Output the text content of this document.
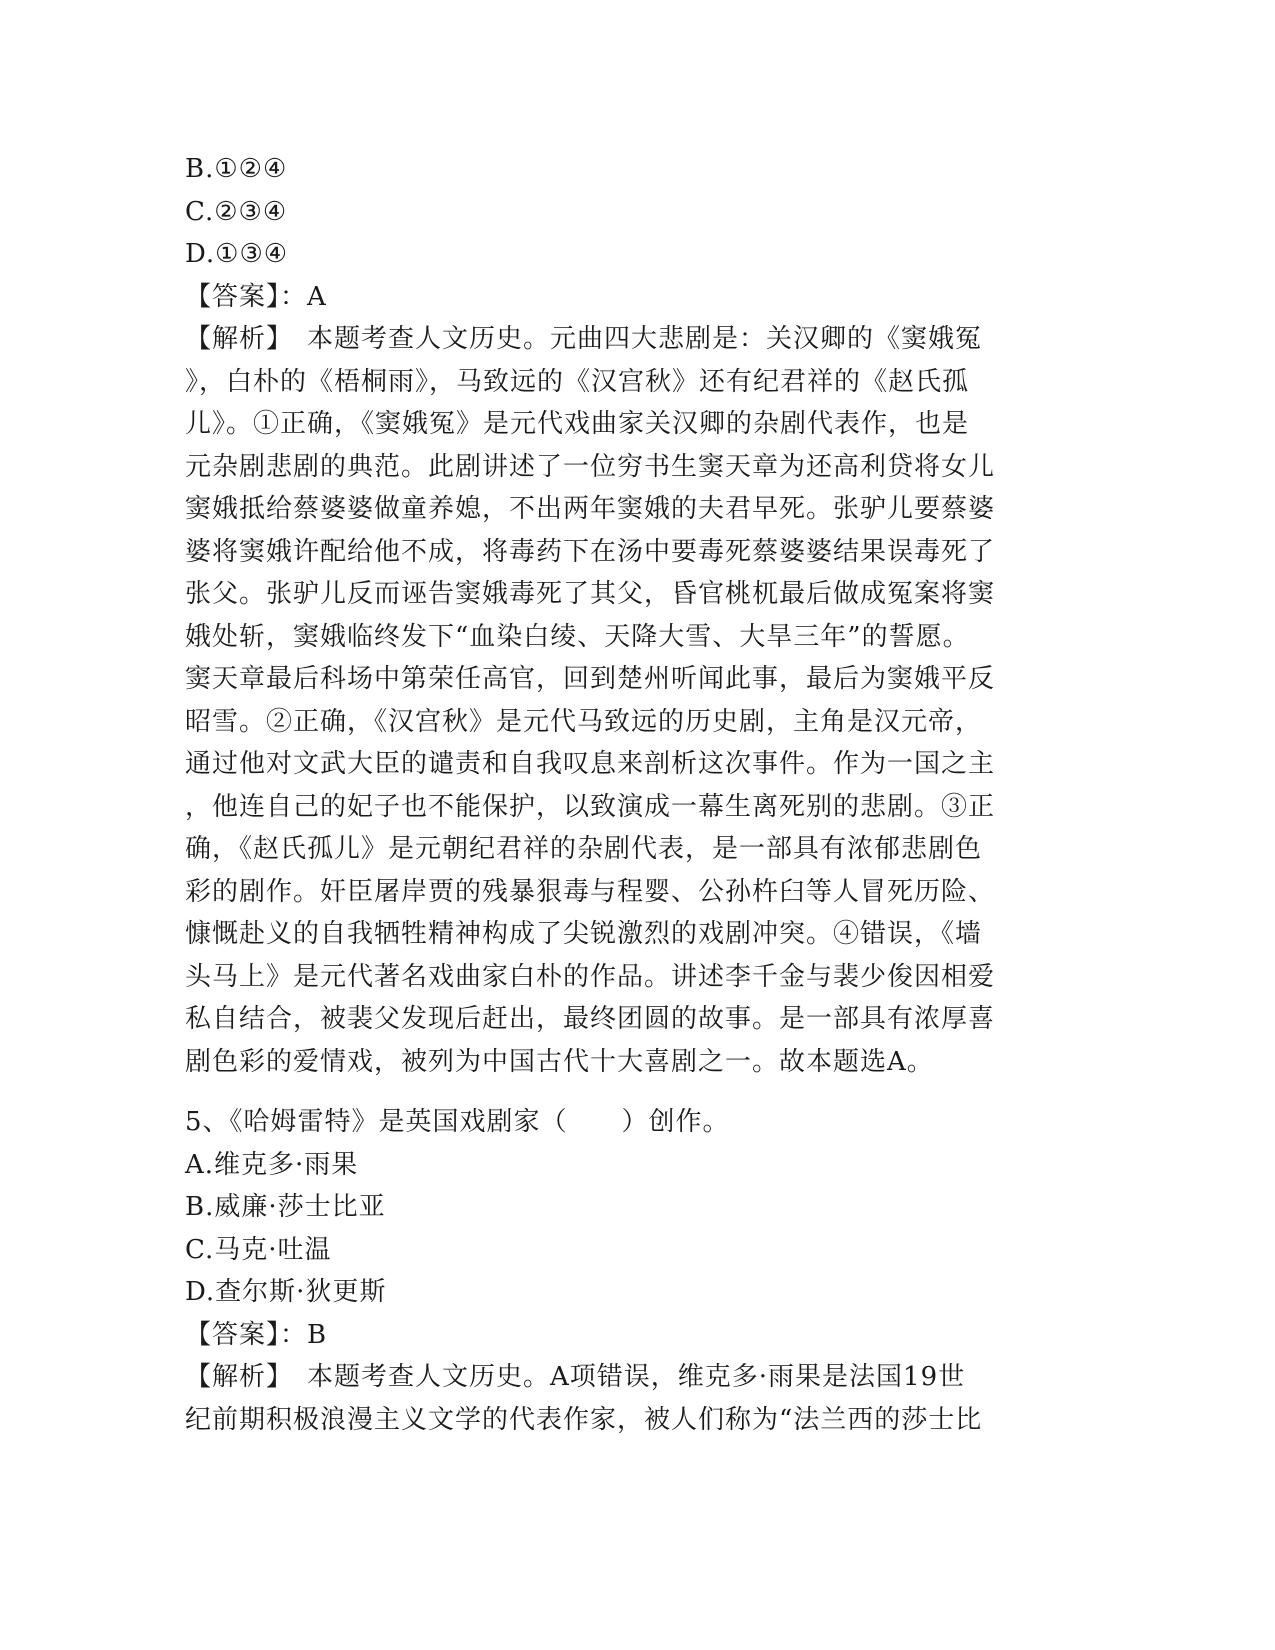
B.①②④
C.②③④
D.①③④
【答案】：A
【解析】　本题考查人文历史。元曲四大悲剧是：关汉卿的《窦娥冤
》，白朴的《梧桐雨》，马致远的《汉宫秋》还有纪君祥的《赵氏孤
儿》。①正确，《窦娥冤》是元代戏曲家关汉卿的杂剧代表作，也是
元杂剧悲剧的典范。此剧讲述了一位穷书生窦天章为还高利贷将女儿
窦娥抵给蔡婆婆做童养媳，不出两年窦娥的夫君早死。张驴儿要蔡婆
婆将窦娥许配给他不成，将毒药下在汤中要毒死蔡婆婆结果误毒死了
张父。张驴儿反而诬告窦娥毒死了其父，昏官桃杌最后做成冤案将窦
娥处斩，窦娥临终发下“血染白绫、天降大雪、大旱三年”的誓愿。
窦天章最后科场中第荣任高官，回到楚州听闻此事，最后为窦娥平反
昭雪。②正确，《汉宫秋》是元代马致远的历史剧，主角是汉元帝，
通过他对文武大臣的谴责和自我叹息来剖析这次事件。作为一国之主
，他连自己的妃子也不能保护，以致演成一幕生离死别的悲剧。③正
确，《赵氏孤儿》是元朝纪君祥的杂剧代表，是一部具有浓郁悲剧色
彩的剧作。奸臣屠岸贾的残暴狠毒与程婴、公孙杵臼等人冒死历险、
慷慨赴义的自我牺牲精神构成了尖锐激烈的戏剧冲突。④错误，《墙
头马上》是元代著名戏曲家白朴的作品。讲述李千金与裴少俊因相爱
私自结合，被裴父发现后赶出，最终团圆的故事。是一部具有浓厚喜
剧色彩的爱情戏，被列为中国古代十大喜剧之一。故本题选A。
5、《哈姆雷特》是英国戏剧家（　　）创作。
A.维克多·雨果
B.威廉·莎士比亚
C.马克·吐温
D.查尔斯·狄更斯
【答案】：B
【解析】　本题考查人文历史。A项错误，维克多·雨果是法国19世
纪前期积极浪漫主义文学的代表作家，被人们称为“法兰西的莎士比
